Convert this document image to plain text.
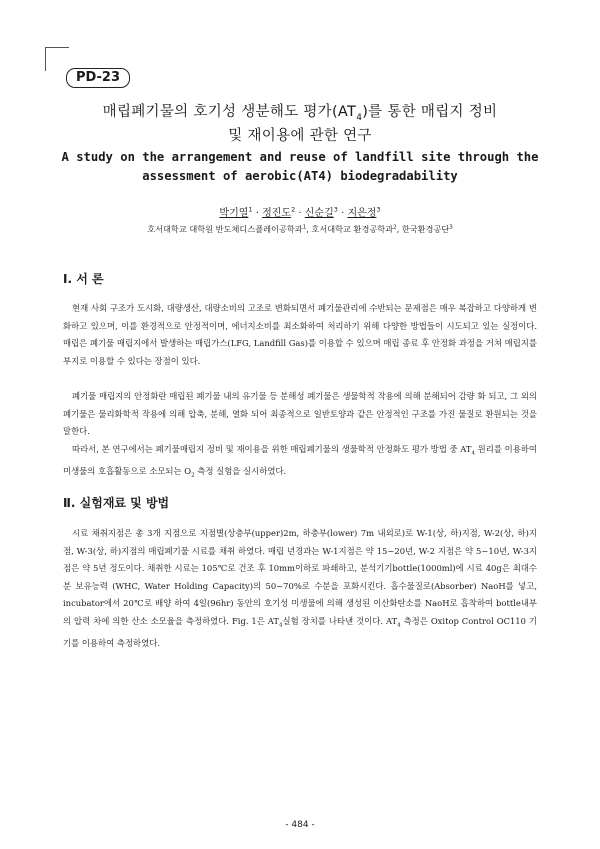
PD-23
매립폐기물의 호기성 생분해도 평가$(AT_4)$를 통한 매립지 정비
및 재이용에 관한 연구
A study on the arrangement and reuse of landfill site through the
assessment of aerobic(AT4) biodegradability
박기열$^1$ · 정진도$^2$ · 신순길$^3$ · 지은정$^3$
호서대학교 대학원 반도체디스플레이공학과$^1$, 호서대학교 환경공학과$^2$, 한국환경공단$^3$
Ⅰ. 서 론

현재 사회 구조가 도시화, 대량생산, 대량소비의 고조로 변화되면서 폐기물관리에 수반되는 문제점은 매우 복잡하고 다양하게 변화하고 있으며, 이를 환경적으로 안정적이며, 에너지소비를 최소화하여 처리하기 위해 다양한 방법들이 시도되고 있는 실정이다. 매립은 폐기물 매립지에서 발생하는 매립가스(LFG, Landfill Gas)를 이용할 수 있으며 매립 종료 후 안정화 과정을 거쳐 매립지를 부지로 이용할 수 있다는 장점이 있다.

폐기물 매립지의 안정화란 매립된 폐기물 내의 유기물 등 분해성 폐기물은 생물학적 작용에 의해 분해되어 감량 화 되고, 그 외의 폐기물은 물리화학적 작용에 의해 압축, 분해, 열화 되어 최종적으로 일반토양과 같은 안정적인 구조를 가진 물질로 환원되는 것을 말한다.

따라서, 본 연구에서는 폐기물매립지 정비 및 재이용을 위한 매립폐기물의 생물학적 안정화도 평가 방법 중 $AT_4$ 원리를 이용하여 미생물의 호흡활동으로 소모되는 $O_2$ 측정 실험을 실시하였다.

Ⅱ. 실험재료 및 방법

시료 채취지점은 총 3개 지점으로 지점별(상층부(upper)2m, 하층부(lower) 7m 내외로)로 W-1(상, 하)지점, W-2(상, 하)지점, W-3(상, 하)지점의 매립폐기물 시료를 채취 하였다. 매립 년경과는 W-1지점은 약 15~20년, W-2 지점은 약 5~10년, W-3지점은 약 5년 정도이다. 채취한 시료는 105℃로 건조 후 10mm이하로 파쇄하고, 분석기기bottle(1000ml)에 시료 40g은 최대수분 보유능력 (WHC, Water Holding Capacity)의 50~70%로 수분을 포화시킨다. 흡수물질로(Absorber) NaoH를 넣고, incubator에서 20℃로 배양 하여 4일(96hr) 동안의 호기성 미생물에 의해 생성된 이산화탄소를 NaoH로 흡착하여 bottle내부의 압력 차에 의한 산소 소모율을 측정하였다. Fig. 1은 $AT_4$실험 장치를 나타낸 것이다. $AT_4$ 측정은 Oxitop Control OC110 기기를 이용하여 측정하였다.

- 484 -
